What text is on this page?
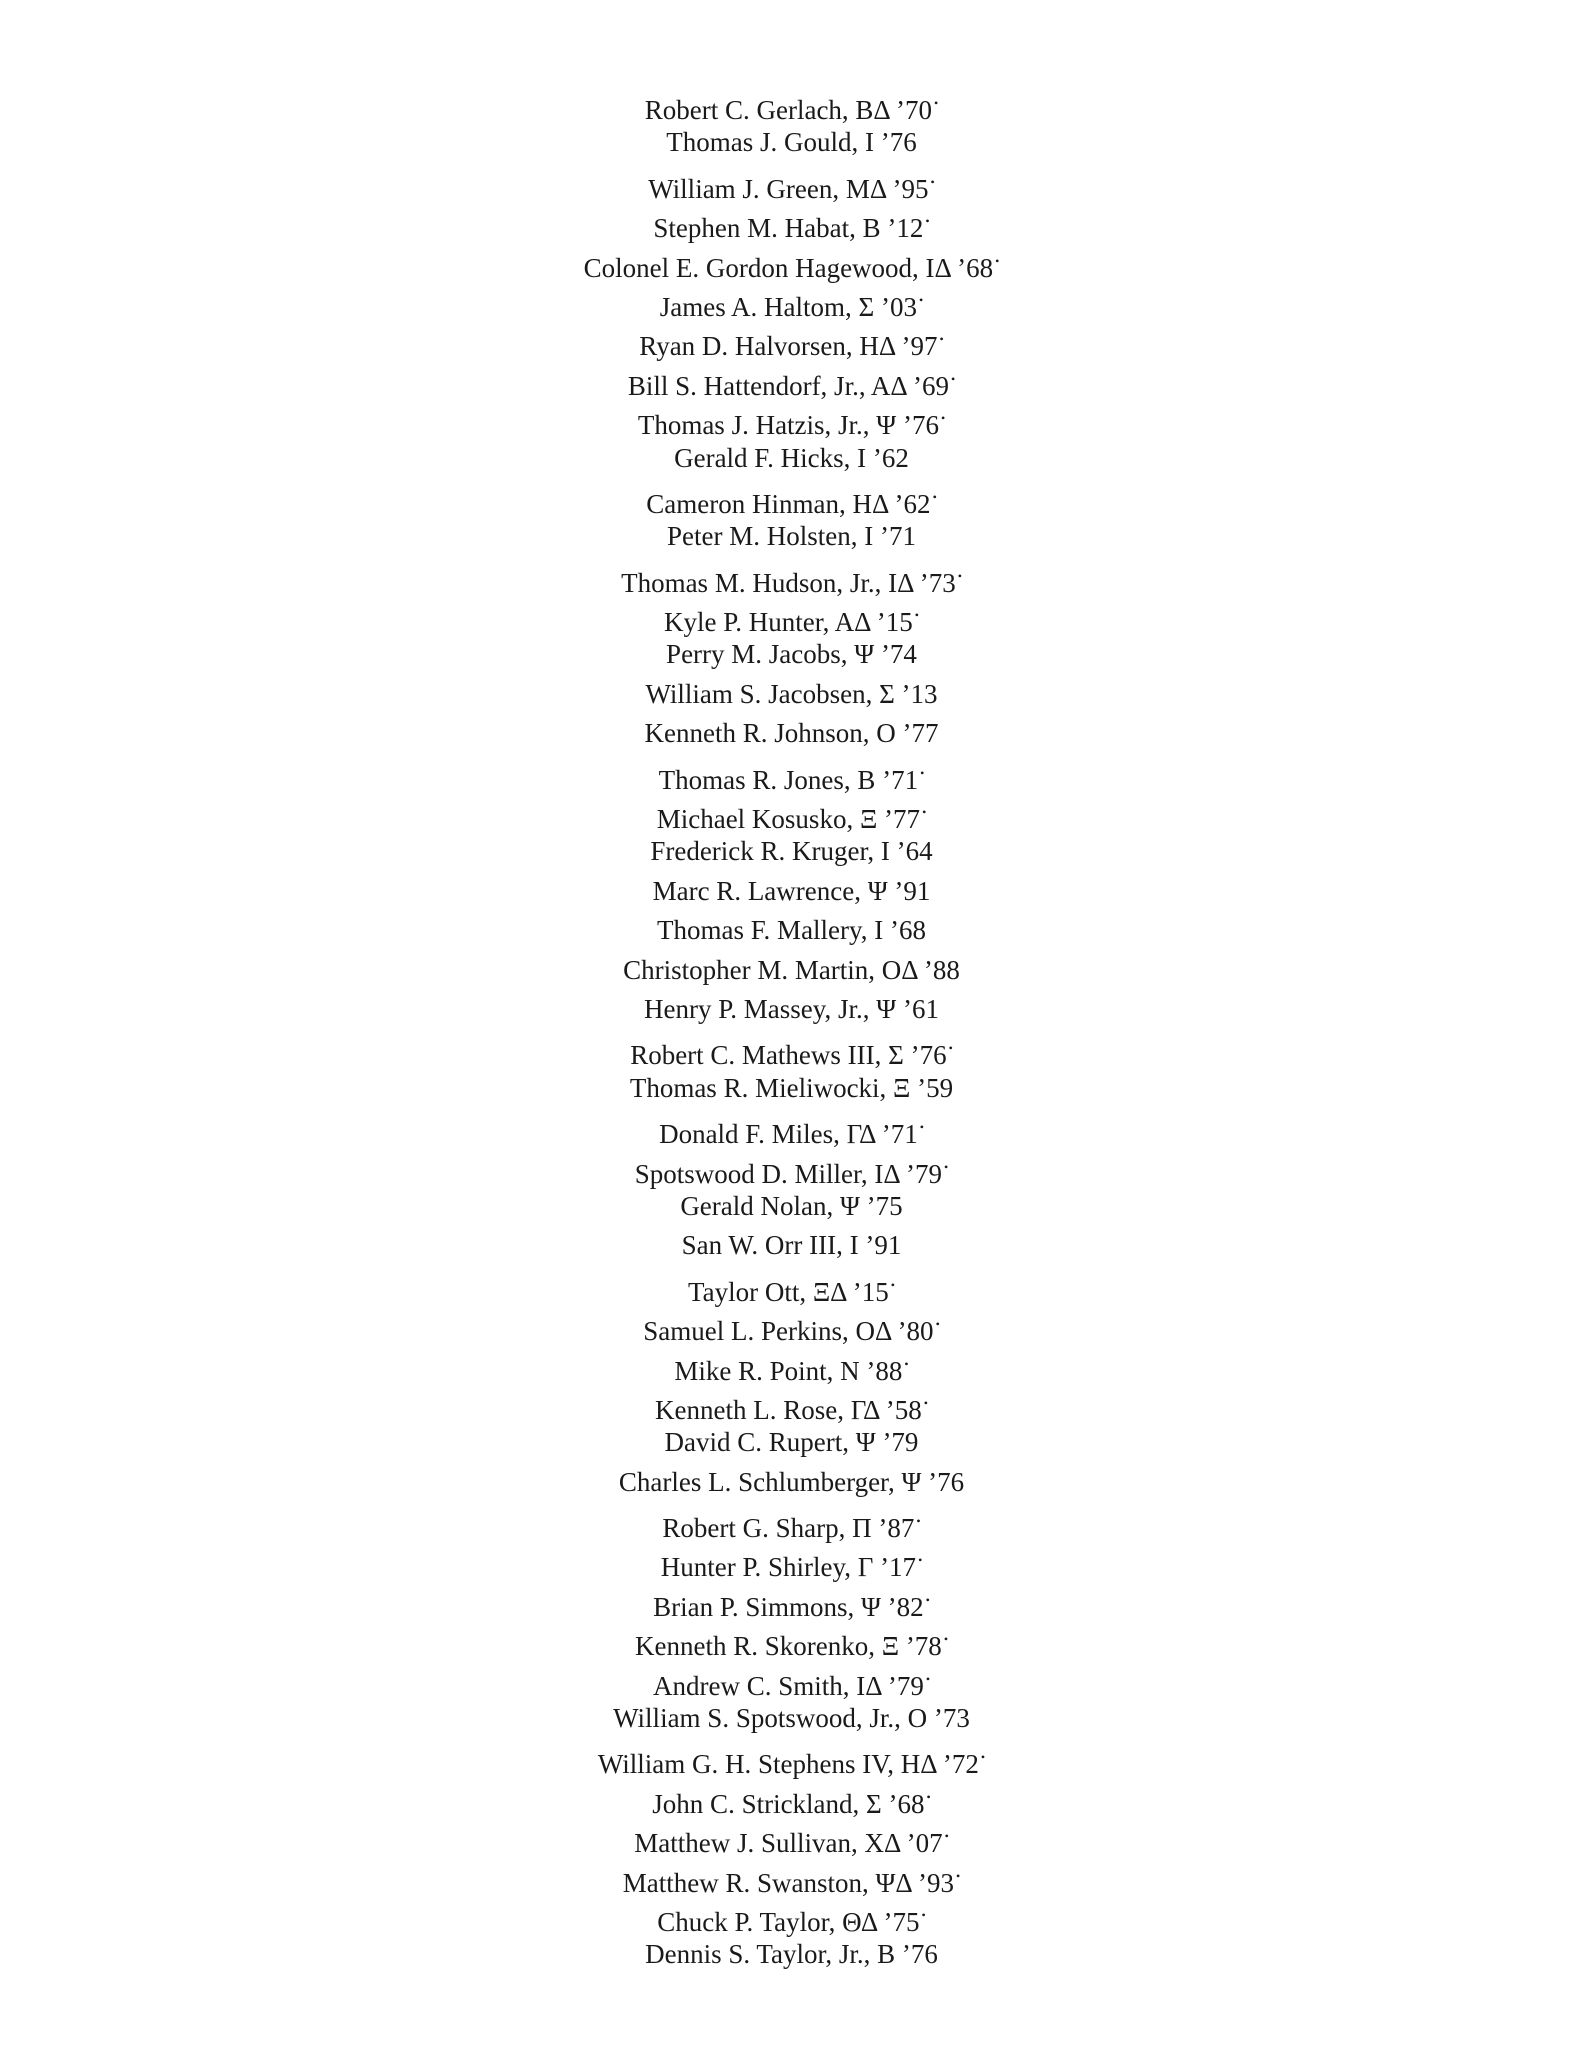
Robert C. Gerlach, BΔ ’70 •
Thomas J. Gould, I ’76
William J. Green, MΔ ’95 •
Stephen M. Habat, B ’12 •
Colonel E. Gordon Hagewood, IΔ ’68 •
James A. Haltom, Σ ’03 •
Ryan D. Halvorsen, HΔ ’97 •
Bill S. Hattendorf, Jr., AΔ ’69 •
Thomas J. Hatzis, Jr., Ψ ’76 •
Gerald F. Hicks, I ’62
Cameron Hinman, HΔ ’62 •
Peter M. Holsten, I ’71
Thomas M. Hudson, Jr., IΔ ’73 •
Kyle P. Hunter, AΔ ’15 •
Perry M. Jacobs, Ψ ’74
William S. Jacobsen, Σ ’13
Kenneth R. Johnson, O ’77
Thomas R. Jones, B ’71 •
Michael Kosusko, Ξ ’77 •
Frederick R. Kruger, I ’64
Marc R. Lawrence, Ψ ’91
Thomas F. Mallery, I ’68
Christopher M. Martin, OΔ ’88
Henry P. Massey, Jr., Ψ ’61
Robert C. Mathews III, Σ ’76 •
Thomas R. Mieliwocki, Ξ ’59
Donald F. Miles, ΓΔ ’71 •
Spotswood D. Miller, IΔ ’79 •
Gerald Nolan, Ψ ’75
San W. Orr III, I ’91
Taylor Ott, ΞΔ ’15 •
Samuel L. Perkins, OΔ ’80 •
Mike R. Point, N ’88 •
Kenneth L. Rose, ΓΔ ’58 •
David C. Rupert, Ψ ’79
Charles L. Schlumberger, Ψ ’76
Robert G. Sharp, Π ’87 •
Hunter P. Shirley, Γ ’17 •
Brian P. Simmons, Ψ ’82 •
Kenneth R. Skorenko, Ξ ’78 •
Andrew C. Smith, IΔ ’79 •
William S. Spotswood, Jr., O ’73
William G. H. Stephens IV, HΔ ’72 •
John C. Strickland, Σ ’68 •
Matthew J. Sullivan, XΔ ’07 •
Matthew R. Swanston, ΨΔ ’93 •
Chuck P. Taylor, ΘΔ ’75 •
Dennis S. Taylor, Jr., B ’76
